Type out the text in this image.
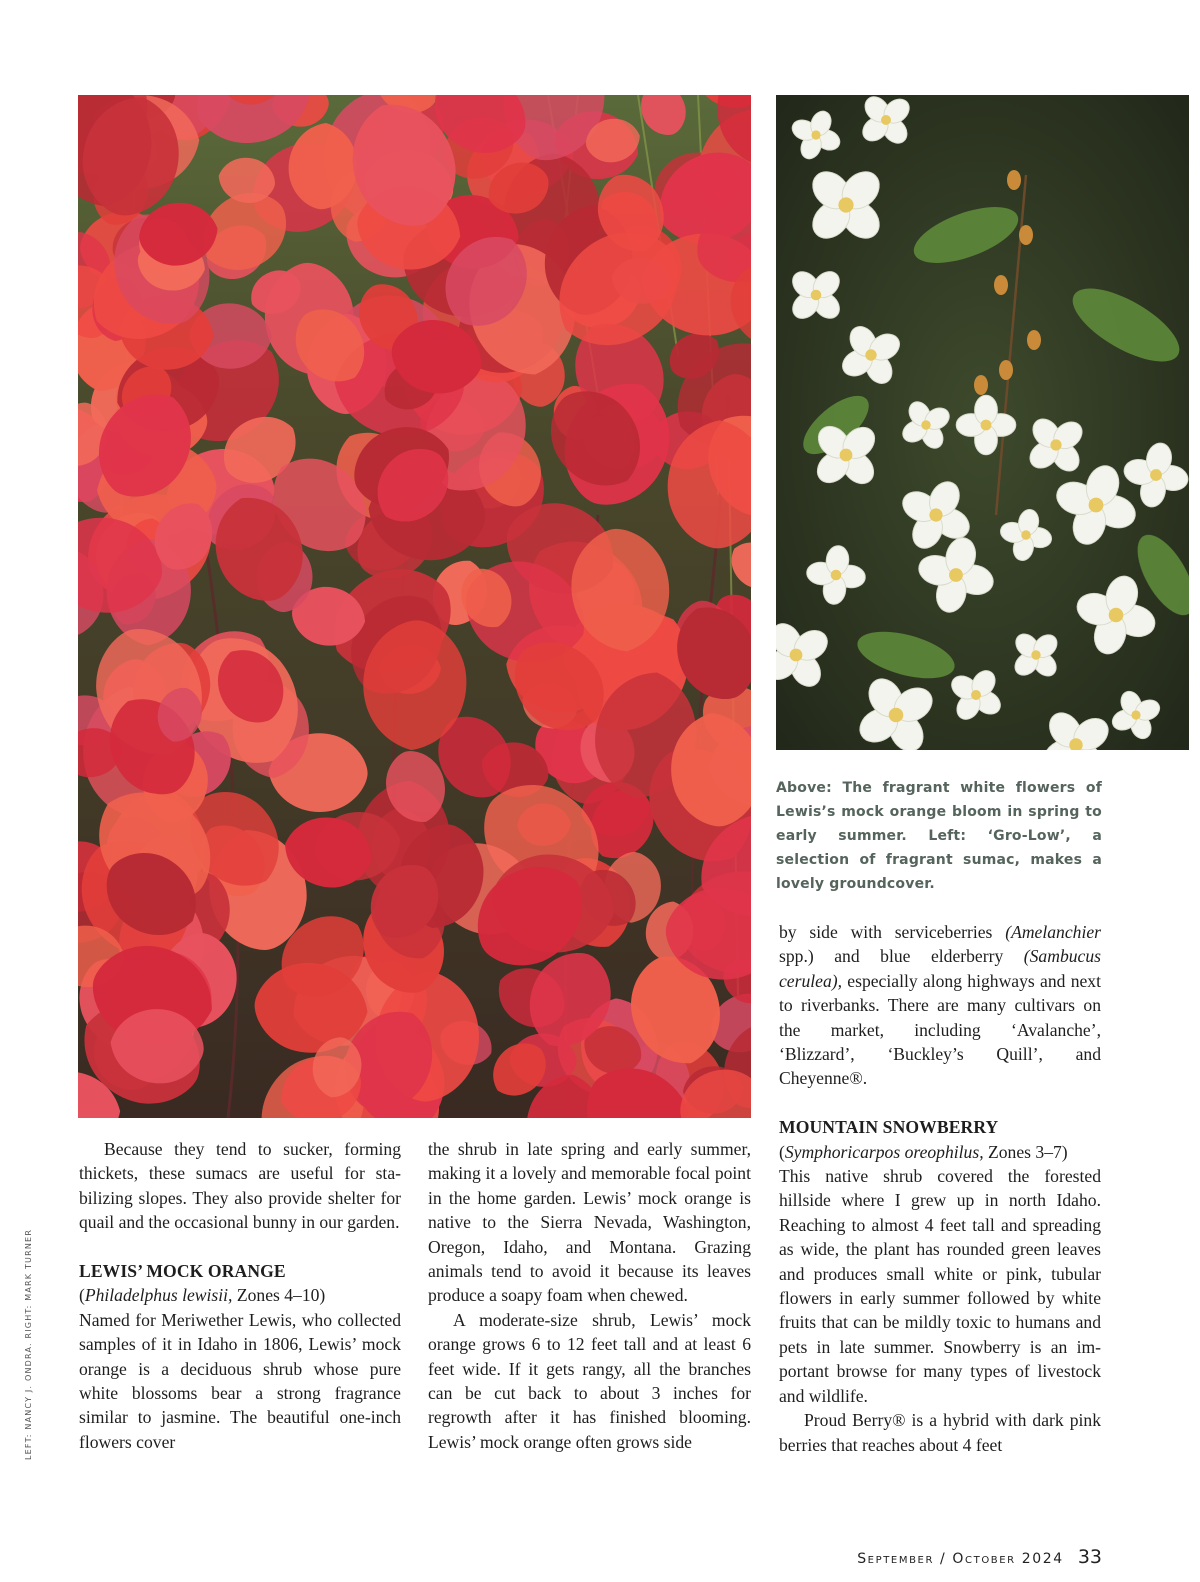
Above: The fragrant white flowers of Lewis’s mock orange bloom in spring to early summer. Left: ‘Gro-Low’, a selection of fragrant sumac, makes a lovely groundcover.

Because they tend to sucker, forming thickets, these sumacs are useful for stabilizing slopes. They also provide shelter for quail and the occasional bunny in our garden.

LEWIS’ MOCK ORANGE

(Philadelphus lewisii, Zones 4–10)

Named for Meriwether Lewis, who collected samples of it in Idaho in 1806, Lewis’ mock orange is a deciduous shrub whose pure white blossoms bear a strong fragrance similar to jasmine. The beautiful one-inch flowers cover

the shrub in late spring and early summer, making it a lovely and memorable focal point in the home garden. Lewis’ mock orange is native to the Sierra Nevada, Washington, Oregon, Idaho, and Montana. Grazing animals tend to avoid it because its leaves produce a soapy foam when chewed.

A moderate-size shrub, Lewis’ mock orange grows 6 to 12 feet tall and at least 6 feet wide. If it gets rangy, all the branches can be cut back to about 3 inches for regrowth after it has finished blooming. Lewis’ mock orange often grows side

by side with serviceberries (Amelanchier spp.) and blue elderberry (Sambucus cerulea), especially along highways and next to riverbanks. There are many cultivars on the market, including ‘Avalanche’, ‘Blizzard’, ‘Buckley’s Quill’, and Cheyenne®.

MOUNTAIN SNOWBERRY

(Symphoricarpos oreophilus, Zones 3–7)

This native shrub covered the forested hillside where I grew up in north Idaho. Reaching to almost 4 feet tall and spreading as wide, the plant has rounded green leaves and produces small white or pink, tubular flowers in early summer followed by white fruits that can be mildly toxic to humans and pets in late summer. Snowberry is an important browse for many types of livestock and wildlife.

Proud Berry® is a hybrid with dark pink berries that reaches about 4 feet

LEFT: NANCY J. ONDRA. RIGHT: MARK TURNER
September / October 2024 33
